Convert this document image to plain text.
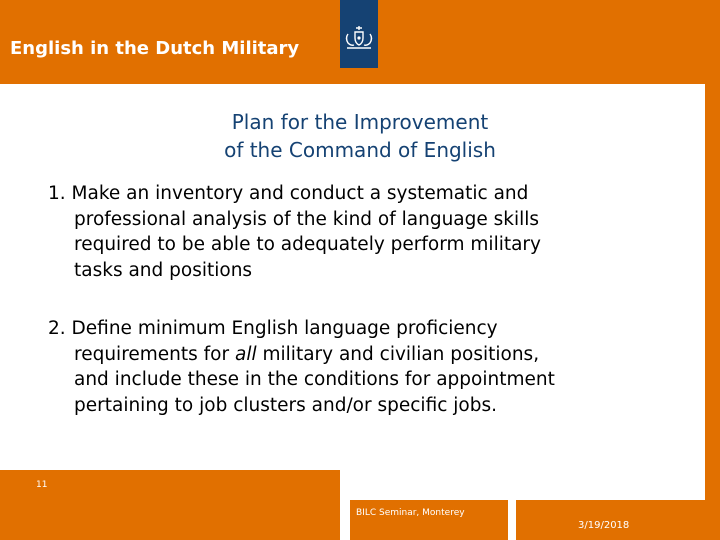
English in the Dutch Military
Plan for the Improvement
of the Command of English
1. Make an inventory and conduct a systematic and
professional analysis of the kind of language skills
required to be able to adequately perform military
tasks and positions
2. Define minimum English language proficiency
requirements for all military and civilian positions,
and include these in the conditions for appointment
pertaining to job clusters and/or specific jobs.
11
BILC Seminar, Monterey
3/19/2018
